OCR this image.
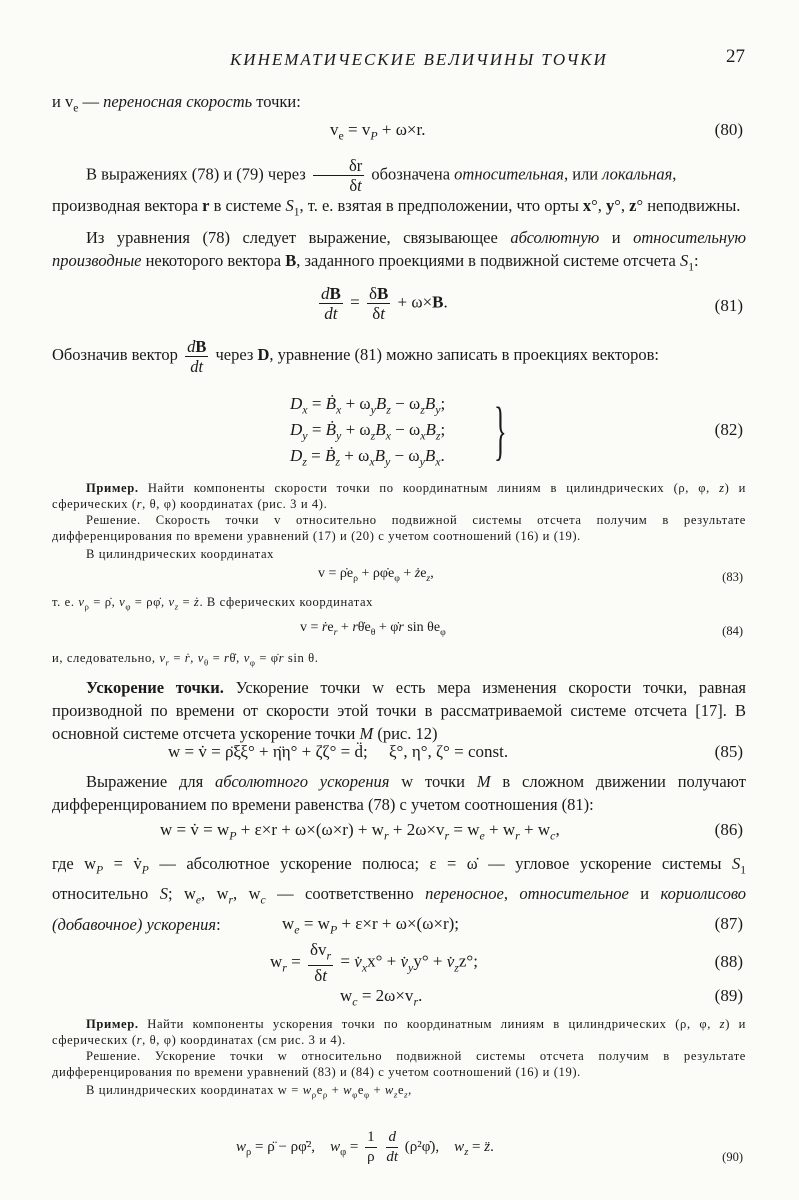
КИНЕМАТИЧЕСКИЕ ВЕЛИЧИНЫ ТОЧКИ	27
и $v_e$ — переносная скорость точки:
$v_e = v_P + \omega\times r$.	(80)
В выражениях (78) и (79) через $\frac{\delta r}{\delta t}$ обозначена относительная, или локальная,
производная вектора r в системе $S_1$, т. е. взятая в предположении, что орты x°, y°, z° неподвижны.
Из уравнения (78) следует выражение, связывающее абсолютную и относительную производные некоторого вектора B, заданного проекциями в подвижной системе отсчета $S_1$:
$\frac{dB}{dt} = \frac{\delta B}{\delta t} + \omega\times B$.	(81)
Обозначив вектор $\frac{dB}{dt}$ через D, уравнение (81) можно записать в проекциях векторов:
$D_x$ = Ḃ$_x$ + $\omega_yB_z - \omega_zB_y$;
$D_y$ = Ḃ$_y$ + $\omega_zB_x - \omega_xB_z$;
$D_z$ = Ḃ$_z$ + $\omega_xB_y - \omega_yB_x$. }	(82)
Пример. Найти компоненты скорости точки по координатным линиям в цилиндрических (ρ, φ, z) и сферических (r, θ, φ) координатах (рис. 3 и 4).
Решение. Скорость точки v относительно подвижной системы отсчета получим в результате дифференцирования по времени уравнений (17) и (20) с учетом соотношений (16) и (19).
В цилиндрических координатах
$v = \rhȯe_\rho$ + $\rho\varphi̇e_\varphi$ + $że_z$,	(83)
т. е. $v_\rho$ = ρ̇, $v_\varphi$ = ρφ̇, $v_z$ = ż. В сферических координатах
v = ṙe$_r$ + $r\thetȧe_\theta$ + φ̇r $\sin \theta e_\varphi$	(84)
и, следовательно, $v_r$ = ṙ, $v_\theta$ = rθ̇, $v_\varphi$ = φ̇r sin θ.
Ускорение точки. Ускорение точки w есть мера изменения скорости точки, равная производной по времени от скорости этой точки в рассматриваемой системе отсчета [17]. В основной системе отсчета ускорение точки M (рис. 12)
w = v̇ = ρ̈ξξ° + η̈η° + ζ̈ζ° = d̈;     ξ°, η°, ζ° = const.	(85)
Выражение для абсолютного ускорения w точки M в сложном движении получают дифференцированием по времени равенства (78) с учетом соотношения (81):
w = v̇ = $w_P + \varepsilon\times r + \omega\times(\omega\times r) + w_r + 2\omega\times v_r = w_e + w_r + w_c$,	(86)
где $w_P$ = $v̇_P$ — абсолютное ускорение полюса; ε = ω̇ — угловое ускорение системы $S_1$ относительно S; $w_e$, $w_r$, $w_c$ — соответственно переносное, относительное и кориолисово (добавочное) ускорения:	$w_e = w_P + \varepsilon\times r + \omega\times(\omega\times r)$;	(87)
$w_r = \frac{\delta v_r}{\delta t}$ = $v̇_xx^\circ$ + $v̇_yy^\circ$ + $v̇_zz^\circ$;	(88)
$w_c = 2\omega\times v_r$.	(89)
Пример. Найти компоненты ускорения точки по координатным линиям в цилиндрических (ρ, φ, z) и сферических (r, θ, φ) координатах (см рис. 3 и 4).
Решение. Ускорение точки w относительно подвижной системы отсчета получим в результате дифференцирования по времени уравнений (83) и (84) с учетом соотношений (16) и (19).
В цилиндрических координатах $w = w_\rho e_\rho + w_\varphi e_\varphi + w_ze_z$,
$w_\rho$ = ρ̈ − ρφ̇²,    $w_\varphi = \frac{1}{\rho}$
$\frac{d}{dt}$ (ρ²φ̇),    $w_z$ = z̈.
(90)
